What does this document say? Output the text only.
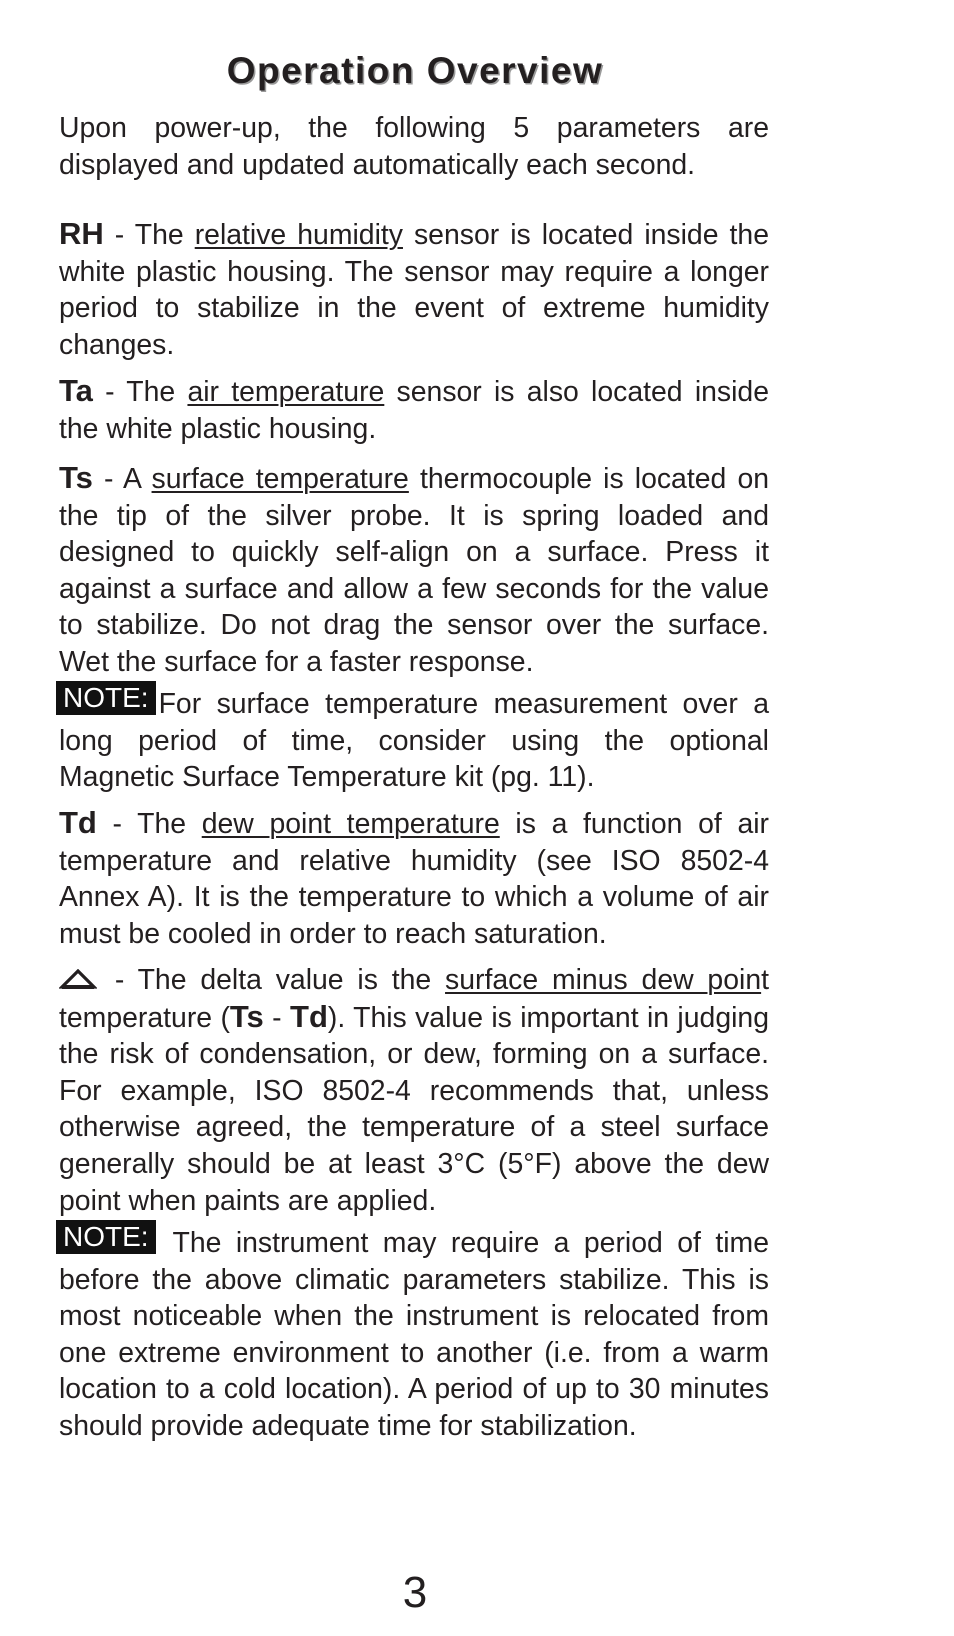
Operation Overview

Upon power-up, the following 5 parameters are displayed and updated automatically each second.

RH - The relative humidity sensor is located inside the white plastic housing. The sensor may require a longer period to stabilize in the event of extreme humidity changes.

Ta - The air temperature sensor is also located inside the white plastic housing.

Ts - A surface temperature thermocouple is located on the tip of the silver probe. It is spring loaded and designed to quickly self-align on a surface. Press it against a surface and allow a few seconds for the value to stabilize. Do not drag the sensor over the surface. Wet the surface for a faster response.

NOTE: For surface temperature measurement over a long period of time, consider using the optional Magnetic Surface Temperature kit (pg. 11).

Td - The dew point temperature is a function of air temperature and relative humidity (see ISO 8502-4 Annex A). It is the temperature to which a volume of air must be cooled in order to reach saturation.

- The delta value is the surface minus dew point temperature (Ts - Td). This value is important in judging the risk of condensation, or dew, forming on a surface. For example, ISO 8502-4 recommends that, unless otherwise agreed, the temperature of a steel surface generally should be at least 3°C (5°F) above the dew point when paints are applied.

NOTE: The instrument may require a period of time before the above climatic parameters stabilize. This is most noticeable when the instrument is relocated from one extreme environment to another (i.e. from a warm location to a cold location). A period of up to 30 minutes should provide adequate time for stabilization.

3
